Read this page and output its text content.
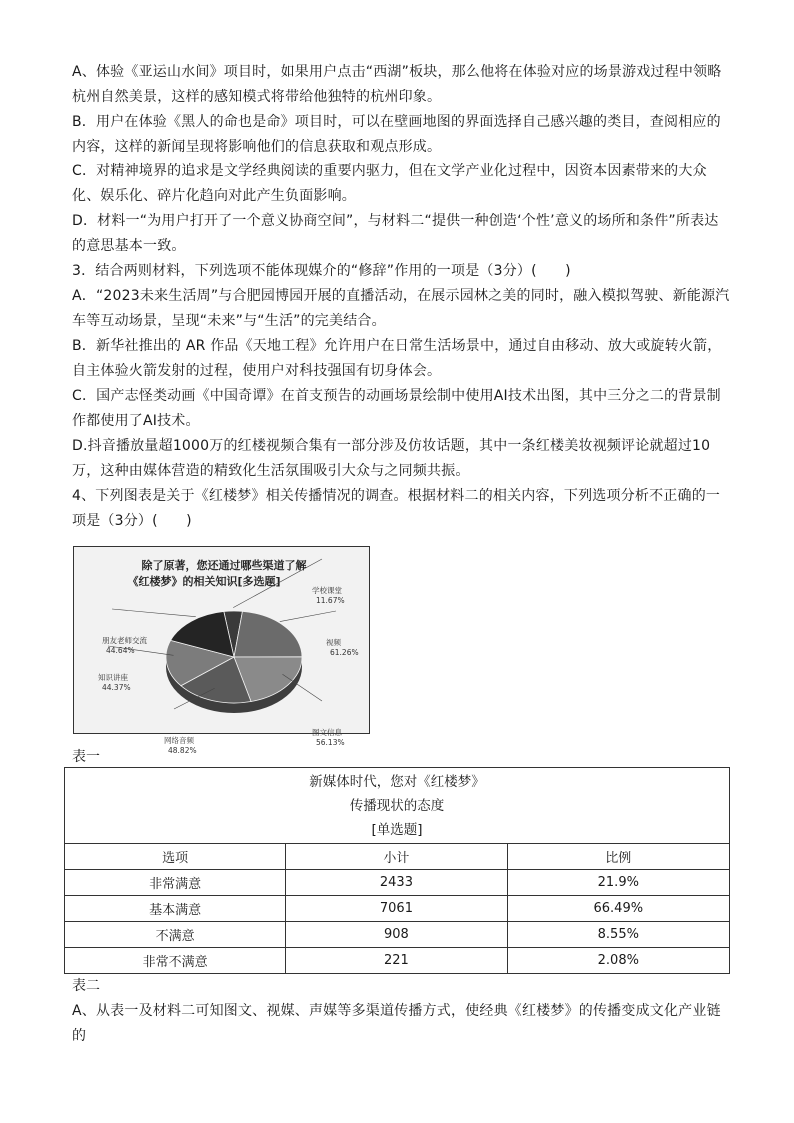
A、体验《亚运山水间》项目时，如果用户点击“西湖”板块，那么他将在体验对应的场景游戏过程中领略杭州自然美景，这样的感知模式将带给他独特的杭州印象。
B．用户在体验《黑人的命也是命》项目时，可以在壁画地图的界面选择自己感兴趣的类目，查阅相应的内容，这样的新闻呈现将影响他们的信息获取和观点形成。
C．对精神境界的追求是文学经典阅读的重要内驱力，但在文学产业化过程中，因资本因素带来的大众化、娱乐化、碎片化趋向对此产生负面影响。
D．材料一“为用户打开了一个意义协商空间”，与材料二“提供一种创造‘个性’意义的场所和条件”所表达的意思基本一致。
3．结合两则材料，下列选项不能体现媒介的“修辞”作用的一项是（3分）(　　)
A．“2023未来生活周”与合肥园博园开展的直播活动，在展示园林之美的同时，融入模拟驾驶、新能源汽车等互动场景，呈现“未来”与“生活”的完美结合。
B．新华社推出的 AR 作品《天地工程》允许用户在日常生活场景中，通过自由移动、放大或旋转火箭，自主体验火箭发射的过程，使用户对科技强国有切身体会。
C．国产志怪类动画《中国奇谭》在首支预告的动画场景绘制中使用AI技术出图，其中三分之二的背景制作都使用了AI技术。
D.抖音播放量超1000万的红楼视频合集有一部分涉及仿妆话题，其中一条红楼美妆视频评论就超过10万，这种由媒体营造的精致化生活氛围吸引大众与之同频共振。
4、下列图表是关于《红楼梦》相关传播情况的调查。根据材料二的相关内容，下列选项分析不正确的一项是（3分）(　　)
除了原著，您还通过哪些渠道了解
《红楼梦》的相关知识[多选题]
学校课堂
11.67%
视频
61.26%
图文信息
56.13%
网络音频
48.82%
知识讲座
44.37%
朋友老师交流
44.64%
表一
新媒体时代，您对《红楼梦》
传播现状的态度
[单选题]		

选项	小计	比例
非常满意	2433	21.9%
基本满意	7061	66.49%
不满意	908	8.55%
非常不满意	221	2.08%
表二
A、从表一及材料二可知图文、视媒、声媒等多渠道传播方式，使经典《红楼梦》的传播变成文化产业链的
